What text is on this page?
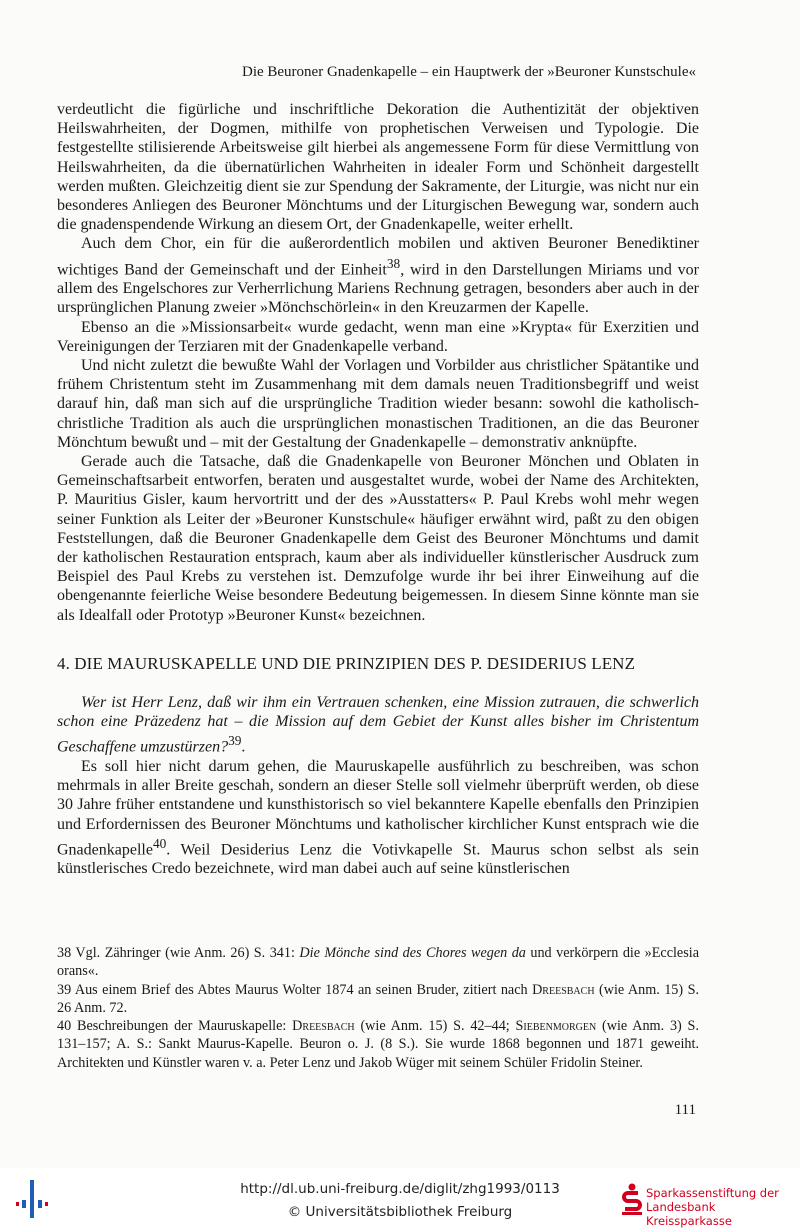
Die Beuroner Gnadenkapelle – ein Hauptwerk der »Beuroner Kunstschule«

verdeutlicht die figürliche und inschriftliche Dekoration die Authentizität der objektiven Heilswahrheiten, der Dogmen, mithilfe von prophetischen Verweisen und Typologie. Die festgestellte stilisierende Arbeitsweise gilt hierbei als angemessene Form für diese Vermittlung von Heilswahrheiten, da die übernatürlichen Wahrheiten in idealer Form und Schönheit dargestellt werden mußten. Gleichzeitig dient sie zur Spendung der Sakramente, der Liturgie, was nicht nur ein besonderes Anliegen des Beuroner Mönchtums und der Liturgischen Bewegung war, sondern auch die gnadenspendende Wirkung an diesem Ort, der Gnadenkapelle, weiter erhellt.

Auch dem Chor, ein für die außerordentlich mobilen und aktiven Beuroner Benediktiner wichtiges Band der Gemeinschaft und der Einheit$^{38}$, wird in den Darstellungen Miriams und vor allem des Engelschores zur Verherrlichung Mariens Rechnung getragen, besonders aber auch in der ursprünglichen Planung zweier »Mönchschörlein« in den Kreuzarmen der Kapelle.

Ebenso an die »Missionsarbeit« wurde gedacht, wenn man eine »Krypta« für Exerzitien und Vereinigungen der Terziaren mit der Gnadenkapelle verband.

Und nicht zuletzt die bewußte Wahl der Vorlagen und Vorbilder aus christlicher Spätantike und frühem Christentum steht im Zusammenhang mit dem damals neuen Traditionsbegriff und weist darauf hin, daß man sich auf die ursprüngliche Tradition wieder besann: sowohl die katholisch-christliche Tradition als auch die ursprünglichen monastischen Traditionen, an die das Beuroner Mönchtum bewußt und – mit der Gestaltung der Gnadenkapelle – demonstrativ anknüpfte.

Gerade auch die Tatsache, daß die Gnadenkapelle von Beuroner Mönchen und Oblaten in Gemeinschaftsarbeit entworfen, beraten und ausgestaltet wurde, wobei der Name des Architekten, P. Mauritius Gisler, kaum hervortritt und der des »Ausstatters« P. Paul Krebs wohl mehr wegen seiner Funktion als Leiter der »Beuroner Kunstschule« häufiger erwähnt wird, paßt zu den obigen Feststellungen, daß die Beuroner Gnadenkapelle dem Geist des Beuroner Mönchtums und damit der katholischen Restauration entsprach, kaum aber als individueller künstlerischer Ausdruck zum Beispiel des Paul Krebs zu verstehen ist. Demzufolge wurde ihr bei ihrer Einweihung auf die obengenannte feierliche Weise besondere Bedeutung beigemessen. In diesem Sinne könnte man sie als Idealfall oder Prototyp »Beuroner Kunst« bezeichnen.

4. DIE MAURUSKAPELLE UND DIE PRINZIPIEN DES P. DESIDERIUS LENZ

Wer ist Herr Lenz, daß wir ihm ein Vertrauen schenken, eine Mission zutrauen, die schwerlich schon eine Präzedenz hat – die Mission auf dem Gebiet der Kunst alles bisher im Christentum Geschaffene umzustürzen?$^{39}$.

Es soll hier nicht darum gehen, die Mauruskapelle ausführlich zu beschreiben, was schon mehrmals in aller Breite geschah, sondern an dieser Stelle soll vielmehr überprüft werden, ob diese 30 Jahre früher entstandene und kunsthistorisch so viel bekanntere Kapelle ebenfalls den Prinzipien und Erfordernissen des Beuroner Mönchtums und katholischer kirchlicher Kunst entsprach wie die Gnadenkapelle$^{40}$. Weil Desiderius Lenz die Votivkapelle St. Maurus schon selbst als sein künstlerisches Credo bezeichnete, wird man dabei auch auf seine künstlerischen

38 Vgl. Zähringer (wie Anm. 26) S. 341: Die Mönche sind des Chores wegen da und verkörpern die »Ecclesia orans«.

39 Aus einem Brief des Abtes Maurus Wolter 1874 an seinen Bruder, zitiert nach Dreesbach (wie Anm. 15) S. 26 Anm. 72.

40 Beschreibungen der Mauruskapelle: Dreesbach (wie Anm. 15) S. 42–44; Siebenmorgen (wie Anm. 3) S. 131–157; A. S.: Sankt Maurus-Kapelle. Beuron o. J. (8 S.). Sie wurde 1868 begonnen und 1871 geweiht. Architekten und Künstler waren v. a. Peter Lenz und Jakob Wüger mit seinem Schüler Fridolin Steiner.

111
http://dl.ub.uni-freiburg.de/diglit/zhg1993/0113
© Universitätsbibliothek Freiburg
Sparkassenstiftung der
Landesbank Kreissparkasse
